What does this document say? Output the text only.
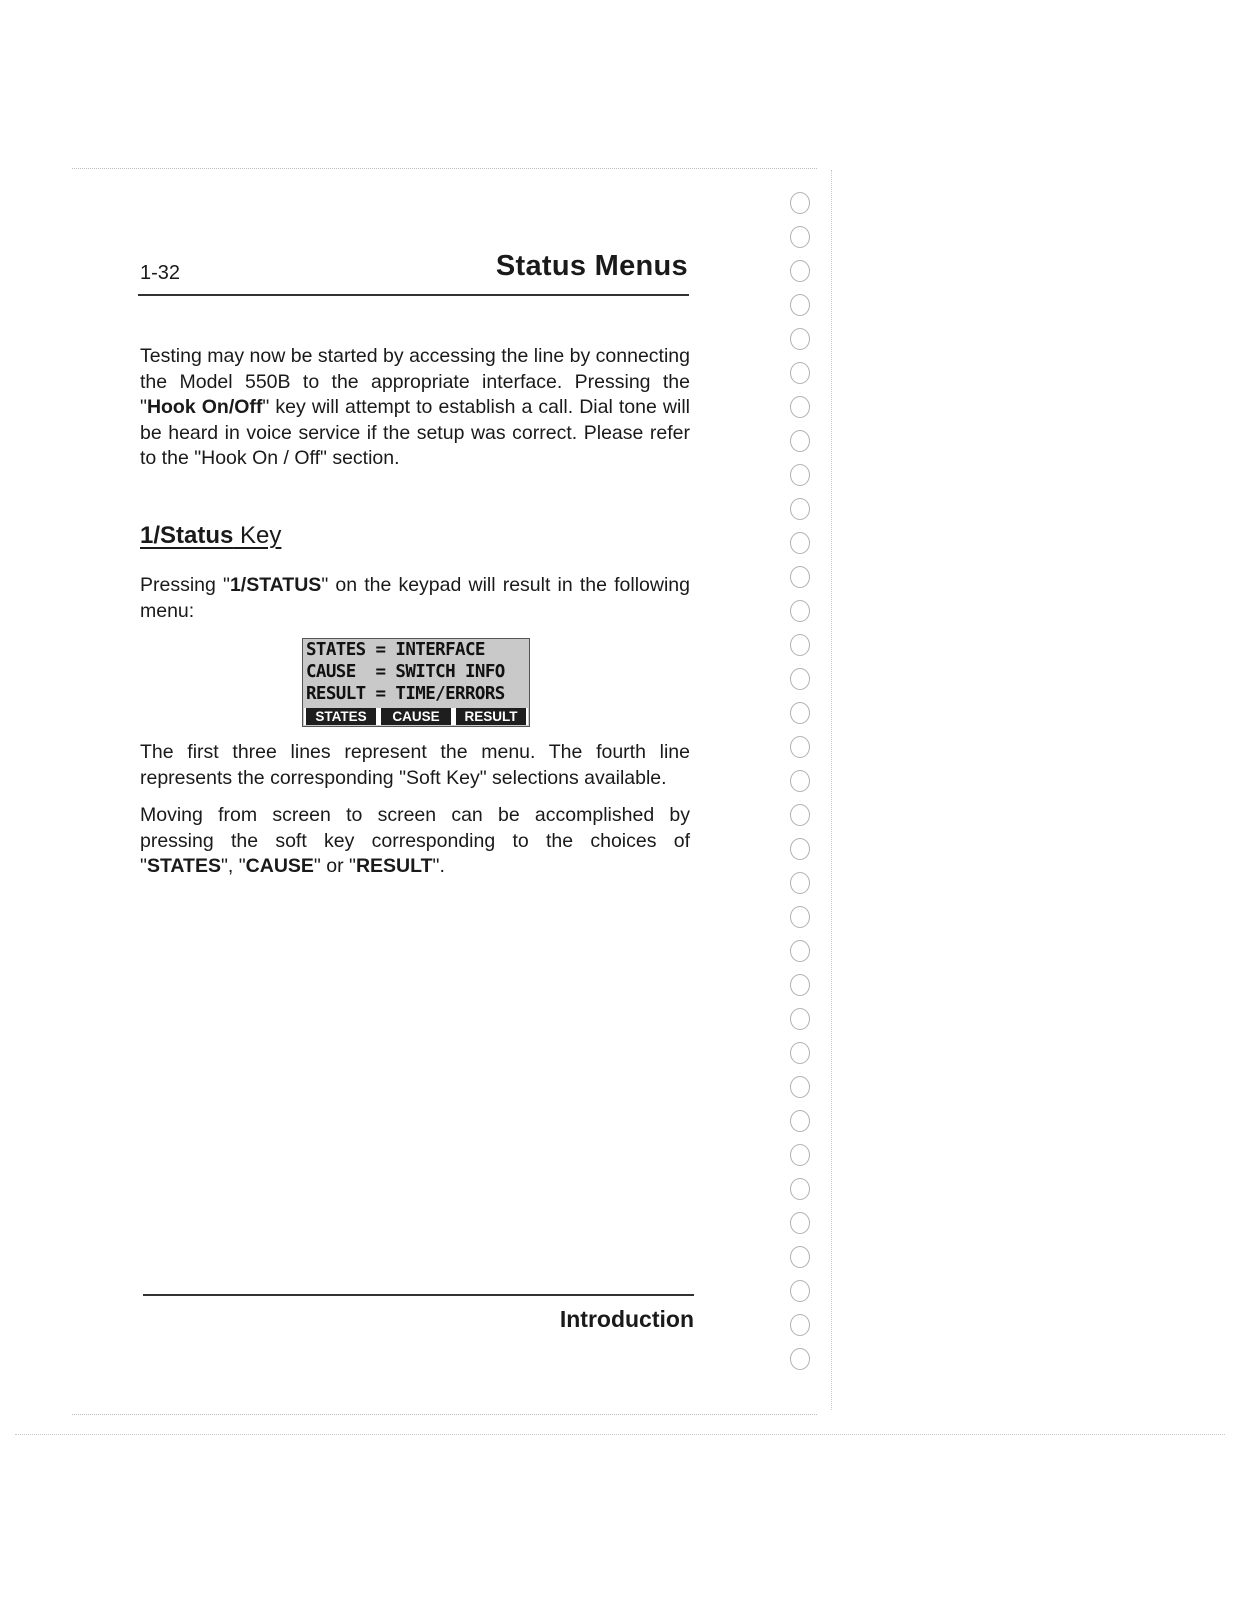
1-32	Status Menus

Testing may now be started by accessing the line by connecting the Model 550B to the appropriate interface. Pressing the "Hook On/Off" key will attempt to establish a call. Dial tone will be heard in voice service if the setup was correct. Please refer to the "Hook On / Off" section.

1/Status Key

Pressing "1/STATUS" on the keypad will result in the following menu:

STATES = INTERFACE
CAUSE  = SWITCH INFO
RESULT = TIME/ERRORS
STATES	CAUSE	RESULT

The first three lines represent the menu. The fourth line represents the corresponding "Soft Key" selections available.

Moving from screen to screen can be accomplished by pressing the soft key corresponding to the choices of "STATES", "CAUSE" or "RESULT".

Introduction
